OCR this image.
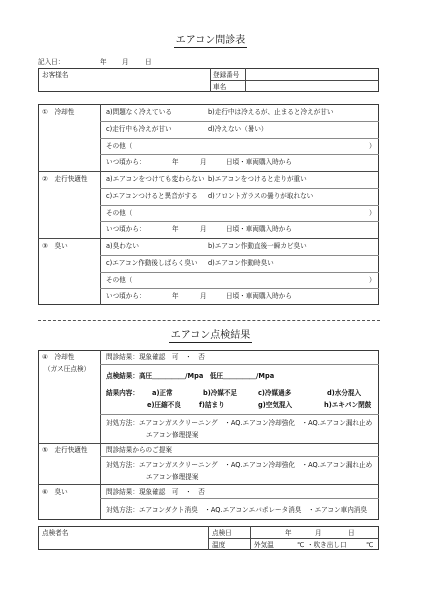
エアコン問診表
記入日：	年 月 日
お客様名	登録番号
車名
①　冷却性	a)問題なく冷えている	b)走行中は冷えるが、止まると冷えが甘い
c)走行中も冷えが甘い	d)冷えない（暑い）
その他（	）
いつ頃から：	年	月	日頃・車両購入時から
②　走行快適性	a)エアコンをつけても変わらない b)エアコンをつけると走りが重い
c)エアコンつけると異音がする d)フロントガラスの曇りが取れない
その他（	）
いつ頃から：	年	月	日頃・車両購入時から
③　臭い	a)臭わない	b)エアコン作動直後一瞬カビ臭い
c)エアコン作動後しばらく臭い d)エアコン作動時臭い
その他（	）
いつ頃から：	年	月	日頃・車両購入時から
エアコン点検結果
④　冷却性
（ガス圧点検）
問診結果：現象確認　可　・　否
点検結果：高圧＿＿＿＿＿/Mpa　低圧＿＿＿＿＿/Mpa
結果内容： a)正常	b)冷媒不足	c)冷媒過多	d)水分混入
e)圧縮不良	f)詰まり	g)空気混入	h)エキパン閉鼓
対処方法：エアコンガスクリーニング　・AQ.エアコン冷却強化　・AQ.エアコン漏れ止め
エアコン修理提案
⑤　走行快適性	問診結果からのご提案
対処方法：エアコンガスクリーニング　・AQ.エアコン冷却強化　・AQ.エアコン漏れ止め
エアコン修理提案
⑥　臭い	問診結果：現象確認　可　・　否
対処方法：エアコンダクト消臭　・AQ.エアコンエバポレータ消臭　・エアコン車内消臭
点検者名	点検日	年	月	日
温度	外気温	℃ ・吹き出し口	℃
